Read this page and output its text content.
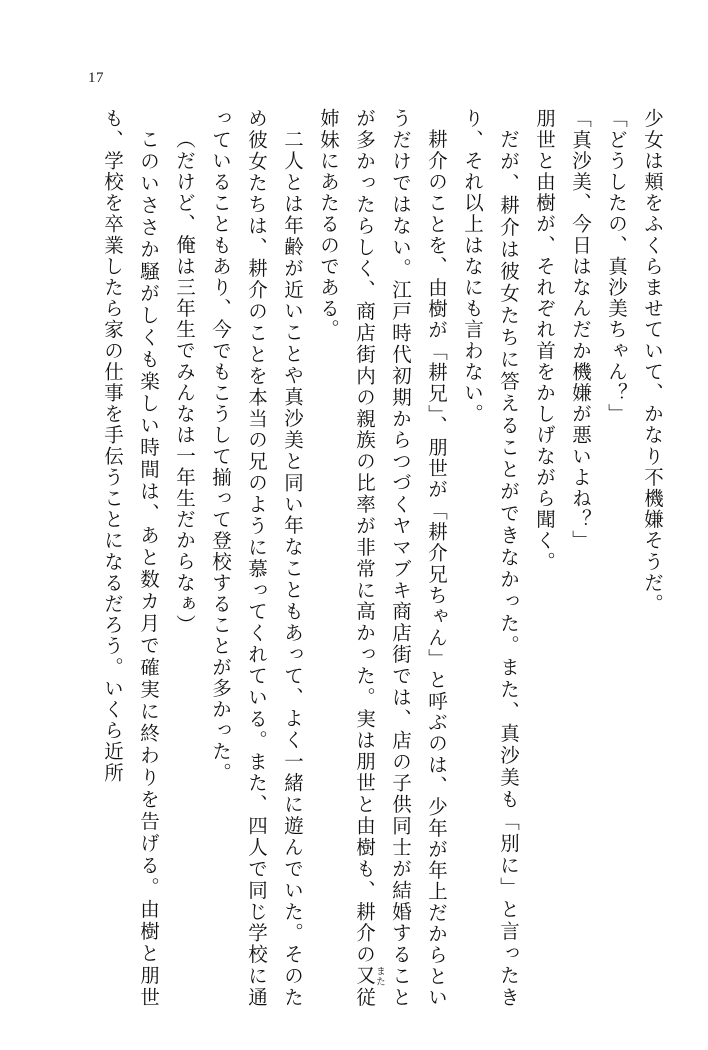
17

少女は頬をふくらませていて、かなり不機嫌そうだ。

「どうしたの、真沙美ちゃん？」

「真沙美、今日はなんだか機嫌が悪いよね？」

朋世と由樹が、それぞれ首をかしげながら聞く。

だが、耕介は彼女たちに答えることができなかった。また、真沙美も「別に」と言ったきり、それ以上はなにも言わない。

耕介のことを、由樹が「耕兄」、朋世が「耕介兄ちゃん」と呼ぶのは、少年が年上だからというだけではない。江戸時代初期からつづくヤマブキ商店街では、店の子供同士が結婚することが多かったらしく、商店街内の親族の比率が非常に高かった。実は朋世と由樹も、耕介の又また従姉妹にあたるのである。

二人とは年齢が近いことや真沙美と同い年なこともあって、よく一緒に遊んでいた。そのため彼女たちは、耕介のことを本当の兄のように慕ってくれている。また、四人で同じ学校に通っていることもあり、今でもこうして揃って登校することが多かった。

（だけど、俺は三年生でみんなは一年生だからなぁ）

このいささか騒がしくも楽しい時間は、あと数カ月で確実に終わりを告げる。由樹と朋世も、学校を卒業したら家の仕事を手伝うことになるだろう。いくら近所
